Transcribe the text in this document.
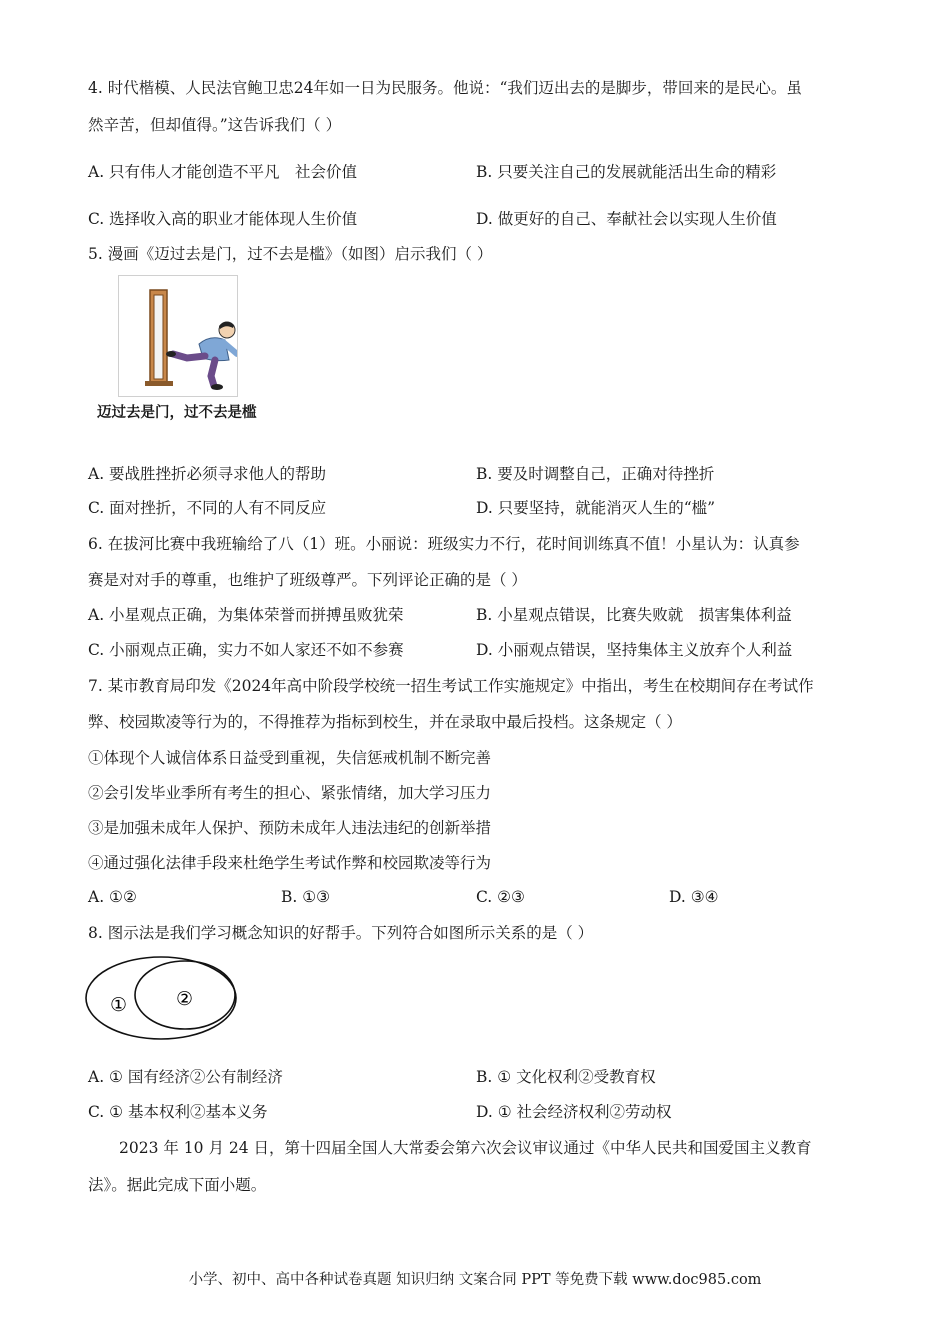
4. 时代楷模、人民法官鲍卫忠24年如一日为民服务。他说：“我们迈出去的是脚步，带回来的是民心。虽
然辛苦，但却值得。”这告诉我们（ ）
A. 只有伟人才能创造不平凡　社会价值	B. 只要关注自己的发展就能活出生命的精彩
C. 选择收入高的职业才能体现人生价值	D. 做更好的自己、奉献社会以实现人生价值
5. 漫画《迈过去是门，过不去是槛》（如图）启示我们（ ）
迈过去是门，过不去是槛
A. 要战胜挫折必须寻求他人的帮助	B. 要及时调整自己，正确对待挫折
C. 面对挫折，不同的人有不同反应	D. 只要坚持，就能消灭人生的“槛”
6. 在拔河比赛中我班输给了八（1）班。小丽说：班级实力不行，花时间训练真不值！小星认为：认真参
赛是对对手的尊重，也维护了班级尊严。下列评论正确的是（ ）
A. 小星观点正确，为集体荣誉而拼搏虽败犹荣	B. 小星观点错误，比赛失败就　损害集体利益
C. 小丽观点正确，实力不如人家还不如不参赛	D. 小丽观点错误，坚持集体主义放弃个人利益
7. 某市教育局印发《2024年高中阶段学校统一招生考试工作实施规定》中指出，考生在校期间存在考试作
弊、校园欺凌等行为的，不得推荐为指标到校生，并在录取中最后投档。这条规定（ ）
①体现个人诚信体系日益受到重视，失信惩戒机制不断完善
②会引发毕业季所有考生的担心、紧张情绪，加大学习压力
③是加强未成年人保护、预防未成年人违法违纪的创新举措
④通过强化法律手段来杜绝学生考试作弊和校园欺凌等行为
A. ①②	B. ①③	C. ②③	D. ③④
8. 图示法是我们学习概念知识的好帮手。下列符合如图所示关系的是（ ）
①	②
A. ① 国有经济②公有制经济	B. ① 文化权利②受教育权
C. ① 基本权利②基本义务	D. ① 社会经济权利②劳动权
　　2023 年 10 月 24 日，第十四届全国人大常委会第六次会议审议通过《中华人民共和国爱国主义教育
法》。据此完成下面小题。
小学、初中、高中各种试卷真题 知识归纳 文案合同 PPT 等免费下载 www.doc985.com
